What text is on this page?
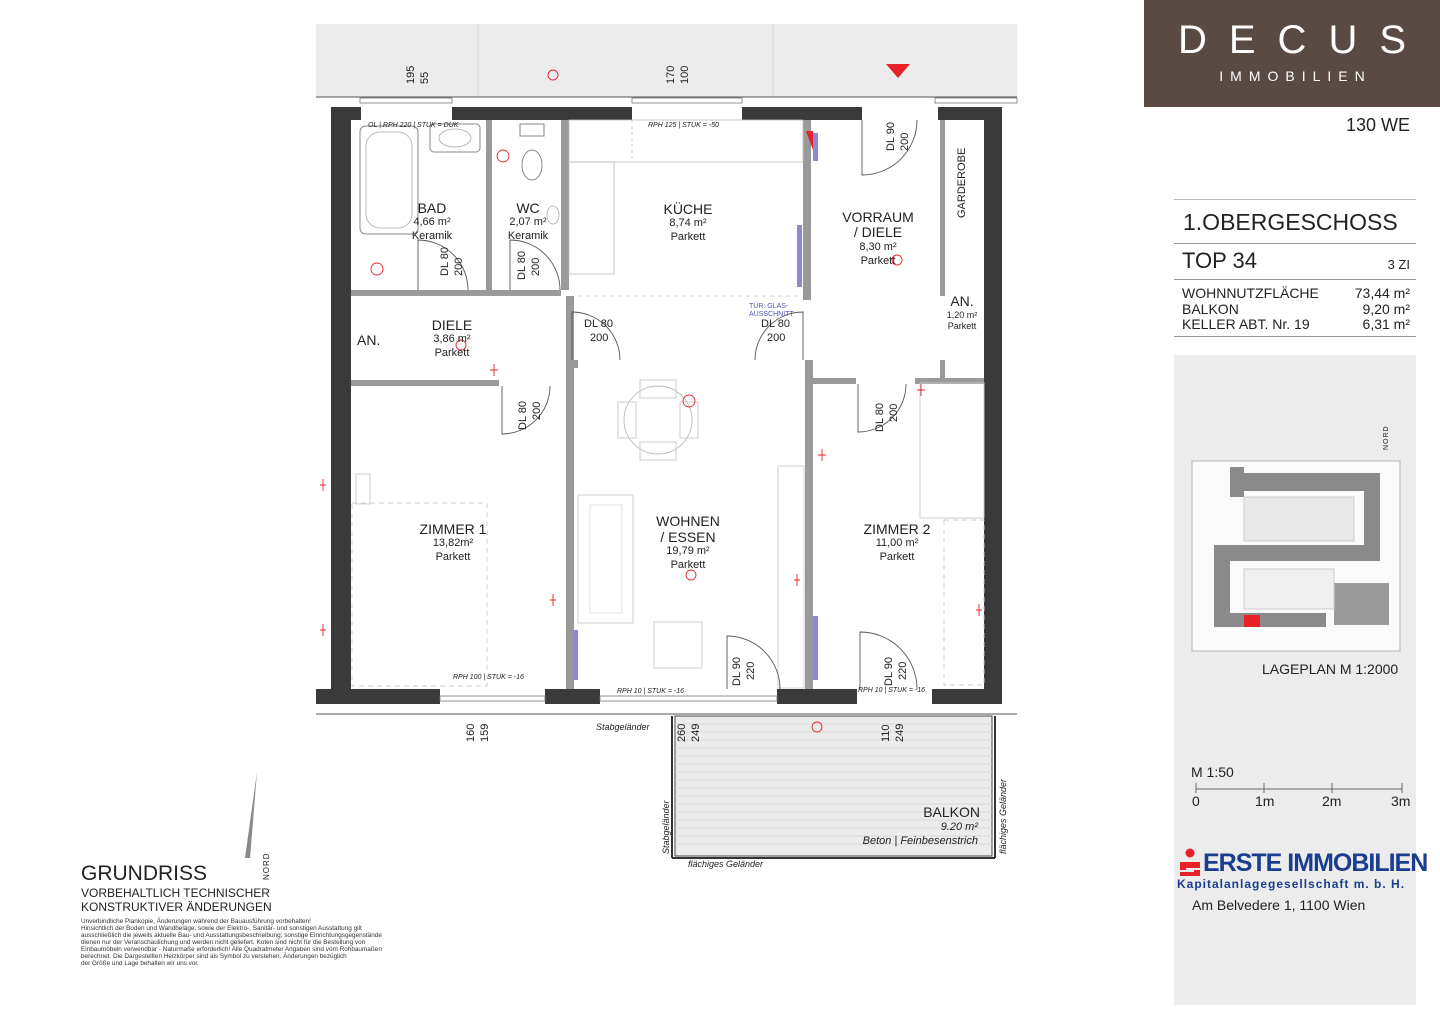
BAD
4,66 m²
Keramik
WC
2,07 m²
Keramik
KÜCHE
8,74 m²
Parkett
VORRAUM
/ DIELE
8,30 m²
Parkett
DIELE
3,86 m²
Parkett
AN.
1,20 m²
Parkett
AN.
ZIMMER 1
13,82m²
Parkett
WOHNEN
/ ESSEN
19,79 m²
Parkett
ZIMMER 2
11,00 m²
Parkett
BALKON
9.20 m²
Beton | Feinbesenstrich
GARDEROBE
Stabgeländer
Stabgeländer
flächiges Geländer
flächiges Geländer
TÜR: GLAS-
AUSSCHNITT
OL | RPH 220 | STUK = DUK	RPH 125 | STUK = -50
RPH 100 | STUK = -16
RPH 10 | STUK = -16	RPH 10 | STUK = -16
195 55	170 100
160 159	260 249	110 249
DL 90 200
DL 80 200	DL 80 200
DL 80
200
DL 80
200
DL 80 200	DL 80 200
DL 90 220	DL 90 220
GRUNDRISS
VORBEHALTLICH TECHNISCHER
KONSTRUKTIVER ÄNDERUNGEN
NORD
Unverbindliche Plankopie, Änderungen während der Bauausführung vorbehalten!
Hinsichtlich der Boden und Wandbeläge, sowie der Elektro-, Sanitär- und sonstigen Ausstattung gilt
ausschließlich die jeweils aktuelle Bau- und Ausstattungsbeschreibung; sonstige Einrichtungsgegenstände
dienen nur der Veranschaulichung und werden nicht geliefert. Koten sind nicht für die Bestellung von
Einbaumöbeln verwendbar - Naturmaße erforderlich! Alle Quadratmeter Angaben sind vom Rohbaumaßen
berechnet. Die Dargestellten Heizkörper sind als Symbol zu verstehen. Änderungen bezüglich
der Größe und Lage behalten wir uns vor.
DECUS
IMMOBILIEN
130 WE
1.OBERGESCHOSS
TOP 34	3 ZI
WOHNNUTZFLÄCHE	73,44 m²
BALKON	9,20 m²
KELLER ABT. Nr. 19	6,31 m²
NORD
LAGEPLAN M 1:2000
M 1:50
0	1m	2m	3m
ERSTE IMMOBILIEN
Kapitalanlagegesellschaft m. b. H.
Am Belvedere 1, 1100 Wien
